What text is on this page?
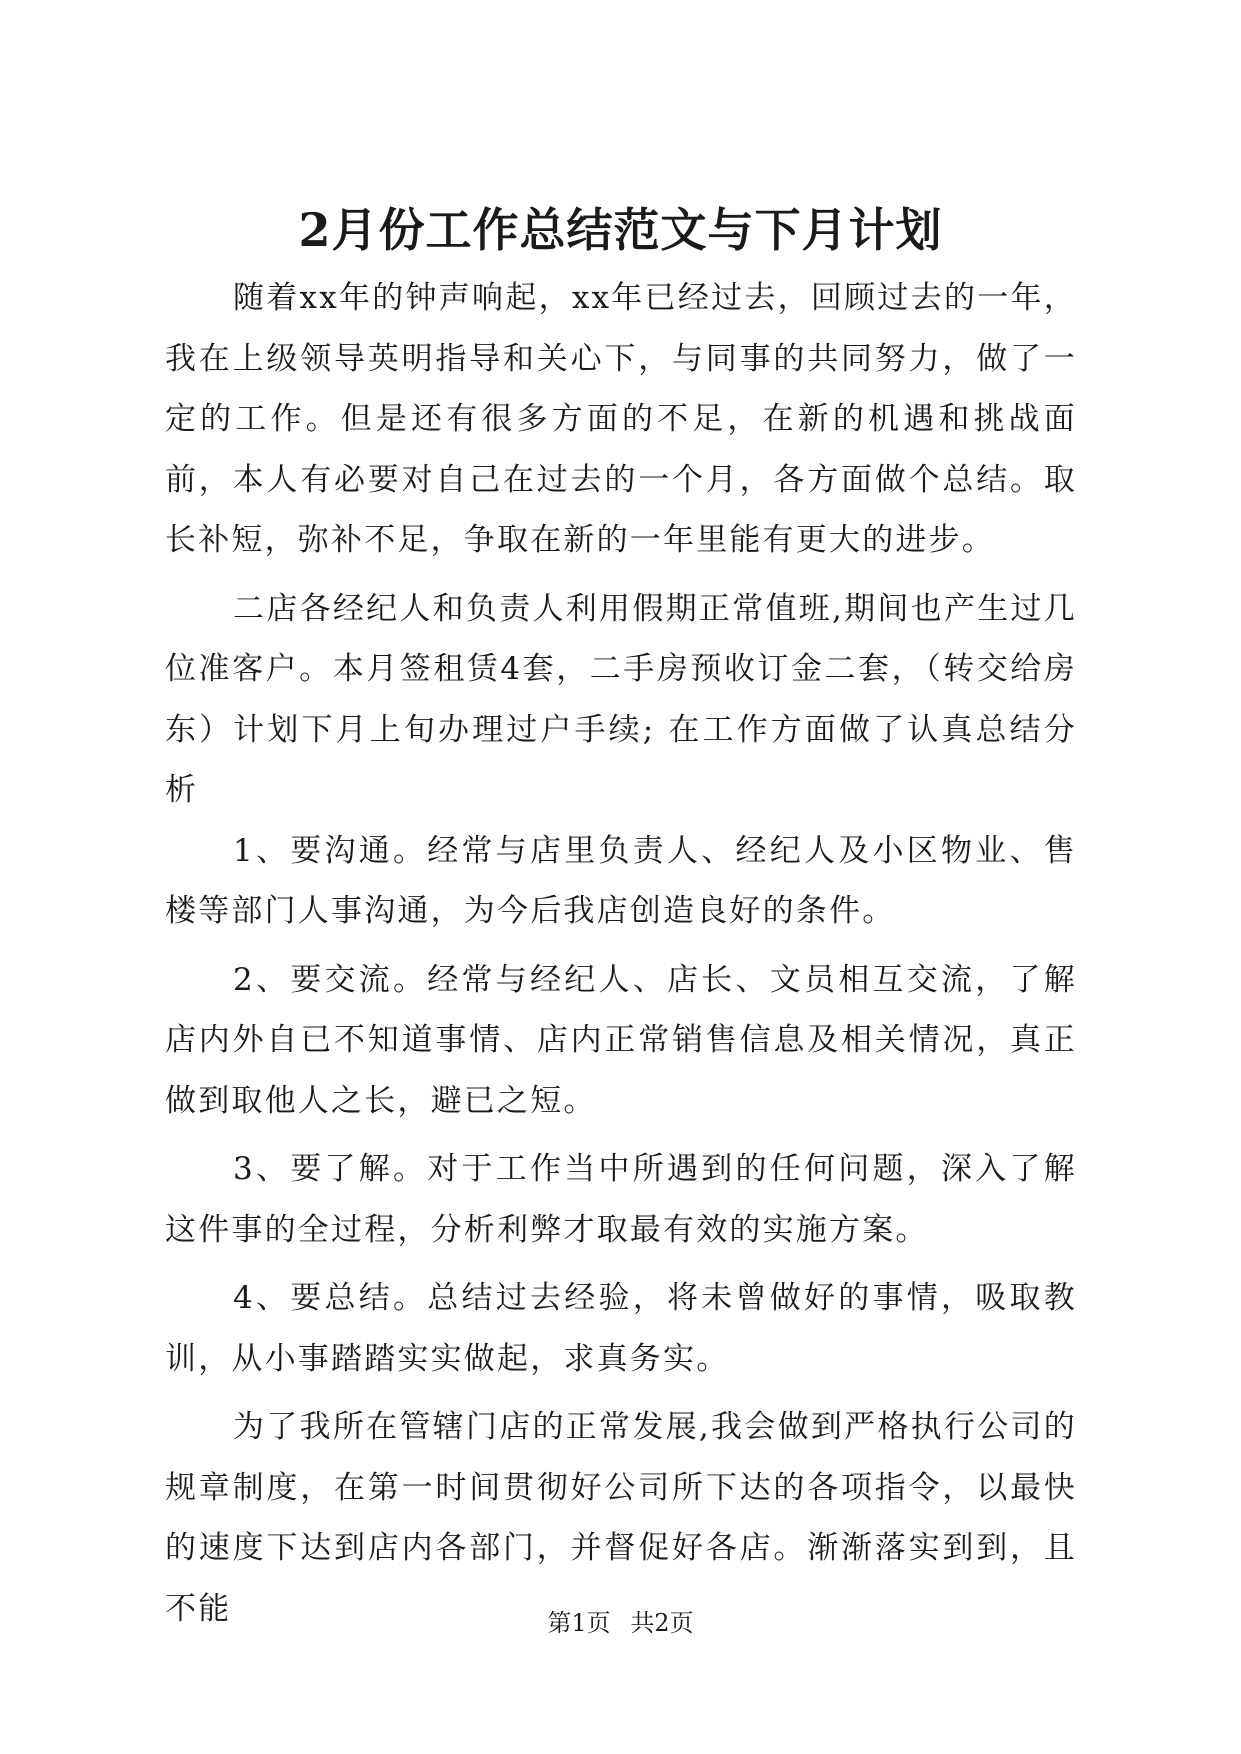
2月份工作总结范文与下月计划

随着xx年的钟声响起，xx年已经过去，回顾过去的一年，我在上级领导英明指导和关心下，与同事的共同努力，做了一定的工作。但是还有很多方面的不足，在新的机遇和挑战面前，本人有必要对自己在过去的一个月，各方面做个总结。取长补短，弥补不足，争取在新的一年里能有更大的进步。

二店各经纪人和负责人利用假期正常值班,期间也产生过几位准客户。本月签租赁4套，二手房预收订金二套，（转交给房东）计划下月上旬办理过户手续; 在工作方面做了认真总结分析

1、要沟通。经常与店里负责人、经纪人及小区物业、售楼等部门人事沟通，为今后我店创造良好的条件。

2、要交流。经常与经纪人、店长、文员相互交流，了解店内外自已不知道事情、店内正常销售信息及相关情况，真正做到取他人之长，避已之短。

3、要了解。对于工作当中所遇到的任何问题，深入了解这件事的全过程，分析利弊才取最有效的实施方案。

4、要总结。总结过去经验，将未曾做好的事情，吸取教训，从小事踏踏实实做起，求真务实。

为了我所在管辖门店的正常发展,我会做到严格执行公司的规章制度，在第一时间贯彻好公司所下达的各项指令，以最快的速度下达到店内各部门，并督促好各店。渐渐落实到到，且不能	第1页 共2页
